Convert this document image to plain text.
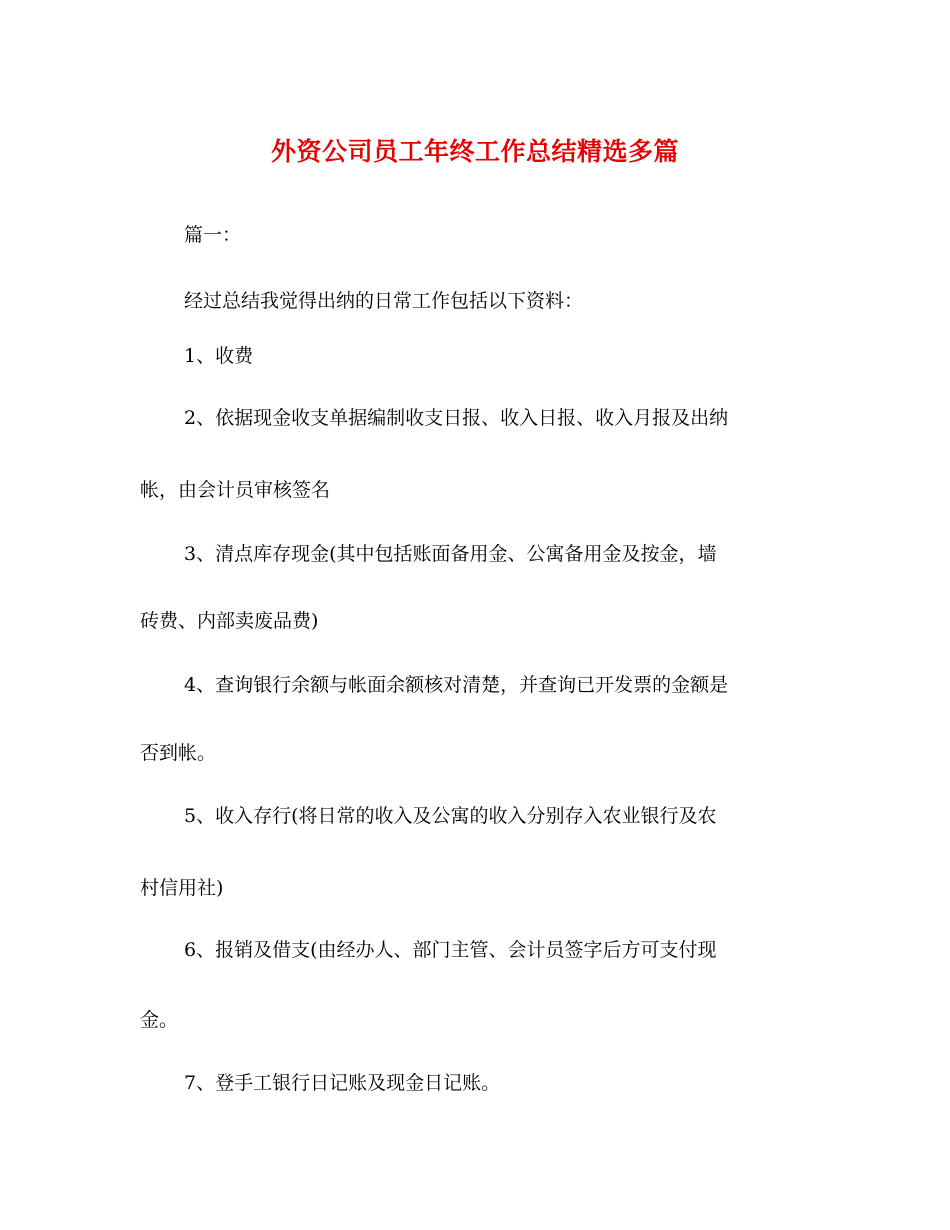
外资公司员工年终工作总结精选多篇
篇一：
经过总结我觉得出纳的日常工作包括以下资料：
1、收费
2、依据现金收支单据编制收支日报、收入日报、收入月报及出纳
帐，由会计员审核签名
3、清点库存现金(其中包括账面备用金、公寓备用金及按金，墙
砖费、内部卖废品费)
4、查询银行余额与帐面余额核对清楚，并查询已开发票的金额是
否到帐。
5、收入存行(将日常的收入及公寓的收入分别存入农业银行及农
村信用社)
6、报销及借支(由经办人、部门主管、会计员签字后方可支付现
金。
7、登手工银行日记账及现金日记账。
